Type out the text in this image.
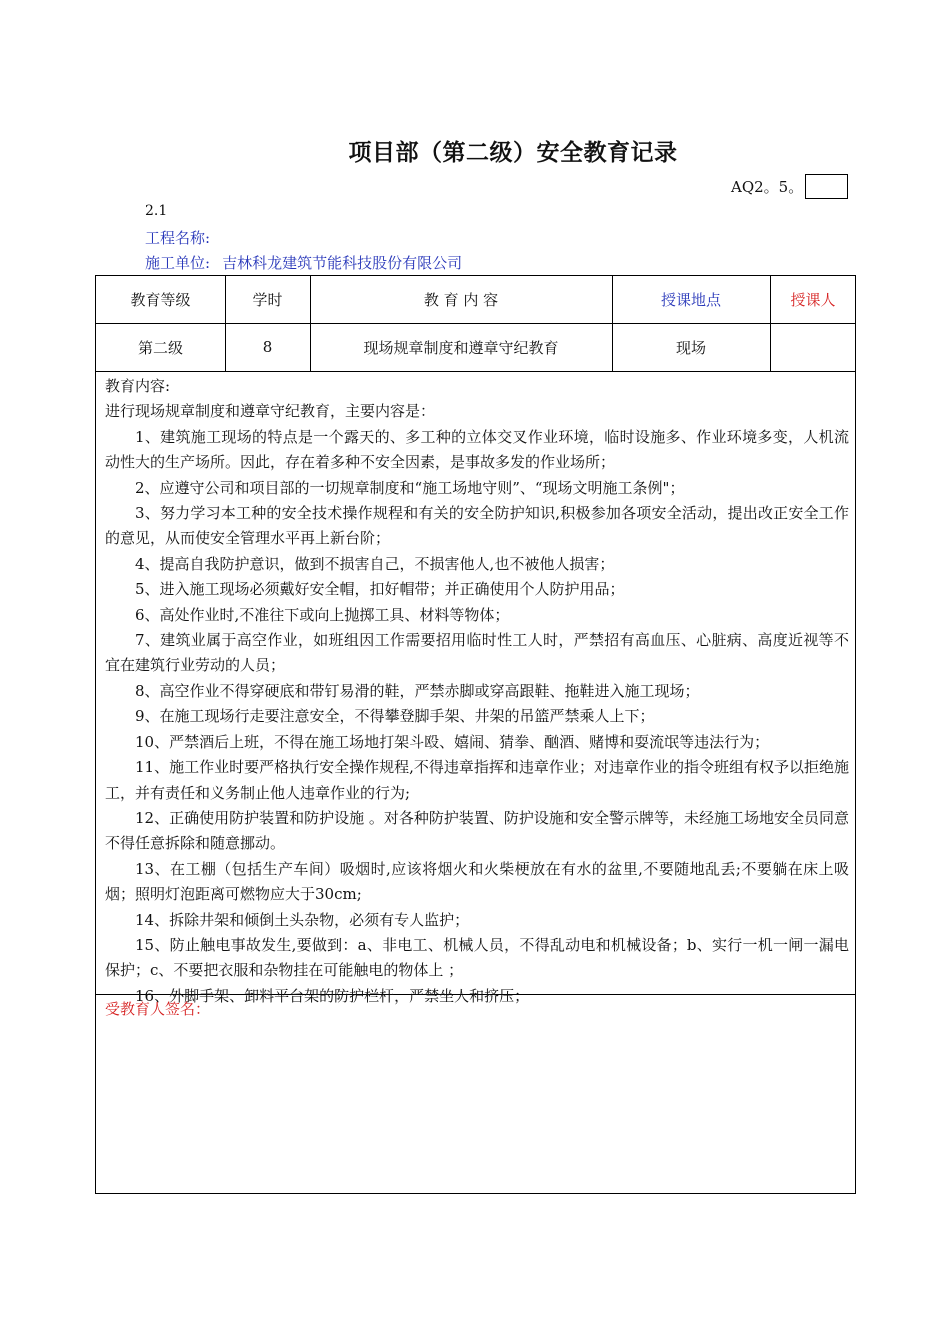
项目部（第二级）安全教育记录
AQ2。5。
2.1
工程名称:
施工单位: 吉林科龙建筑节能科技股份有限公司
教育等级	学时	教 育 内 容	授课地点	授课人
第二级	8	现场规章制度和遵章守纪教育	现场

教育内容:

进行现场规章制度和遵章守纪教育，主要内容是：

1、建筑施工现场的特点是一个露天的、多工种的立体交叉作业环境，临时设施多、作业环境多变，人机流动性大的生产场所。因此，存在着多种不安全因素，是事故多发的作业场所；

2、应遵守公司和项目部的一切规章制度和“施工场地守则”、“现场文明施工条例"；

3、努力学习本工种的安全技术操作规程和有关的安全防护知识,积极参加各项安全活动，提出改正安全工作的意见，从而使安全管理水平再上新台阶；

4、提高自我防护意识，做到不损害自己，不损害他人,也不被他人损害；

5、进入施工现场必须戴好安全帽，扣好帽带；并正确使用个人防护用品；

6、高处作业时,不准往下或向上抛掷工具、材料等物体；

7、建筑业属于高空作业，如班组因工作需要招用临时性工人时，严禁招有高血压、心脏病、高度近视等不宜在建筑行业劳动的人员；

8、高空作业不得穿硬底和带钉易滑的鞋，严禁赤脚或穿高跟鞋、拖鞋进入施工现场；

9、在施工现场行走要注意安全，不得攀登脚手架、井架的吊篮严禁乘人上下；

10、严禁酒后上班，不得在施工场地打架斗殴、嬉闹、猜拳、酗酒、赌博和耍流氓等违法行为；

11、施工作业时要严格执行安全操作规程,不得违章指挥和违章作业；对违章作业的指令班组有权予以拒绝施工，并有责任和义务制止他人违章作业的行为;

12、正确使用防护装置和防护设施 。对各种防护装置、防护设施和安全警示牌等，未经施工场地安全员同意不得任意拆除和随意挪动。

13、在工棚（包括生产车间）吸烟时,应该将烟火和火柴梗放在有水的盆里,不要随地乱丢;不要躺在床上吸烟；照明灯泡距离可燃物应大于30cm;

14、拆除井架和倾倒土头杂物，必须有专人监护；

15、防止触电事故发生,要做到：a、非电工、机械人员，不得乱动电和机械设备；b、实行一机一闸一漏电保护；c、不要把衣服和杂物挂在可能触电的物体上 ；

16、外脚手架、卸料平台架的防护栏杆，严禁坐人和挤压；

受教育人签名：
